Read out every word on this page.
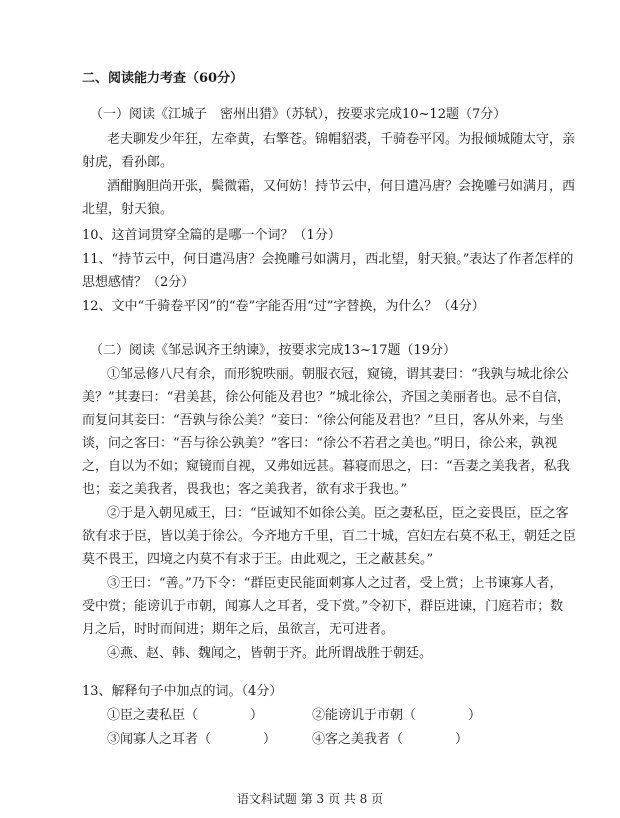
二、阅读能力考查（60分）
（一）阅读《江城子　密州出猎》（苏轼），按要求完成10~12题（7分）
老夫聊发少年狂，左牵黄，右擎苍。锦帽貂裘，千骑卷平冈。为报倾城随太守，亲
射虎，看孙郎。
酒酣胸胆尚开张，鬓微霜，又何妨！持节云中，何日遣冯唐？会挽雕弓如满月，西
北望，射天狼。
10、这首词贯穿全篇的是哪一个词？（1分）
11、“持节云中，何日遣冯唐？会挽雕弓如满月，西北望，射天狼。”表达了作者怎样的
思想感情？（2分）
12、文中“千骑卷平冈”的“卷”字能否用“过”字替换，为什么？（4分）
（二）阅读《邹忌讽齐王纳谏》，按要求完成13~17题（19分）
①邹忌修八尺有余，而形貌昳丽。朝服衣冠，窥镜，谓其妻曰：“我孰与城北徐公
美？”其妻曰：“君美甚，徐公何能及君也？”城北徐公，齐国之美丽者也。忌不自信，
而复问其妾曰：“吾孰与徐公美？”妾曰：“徐公何能及君也？”旦日，客从外来，与坐
谈，问之客曰：“吾与徐公孰美？”客曰：“徐公不若君之美也。”明日，徐公来，孰视
之，自以为不如；窥镜而自视，又弗如远甚。暮寝而思之，曰：“吾妻之美我者，私我
也；妾之美我者，畏我也；客之美我者，欲有求于我也。”
②于是入朝见威王，曰：“臣诚知不如徐公美。臣之妻私臣，臣之妾畏臣，臣之客
欲有求于臣，皆以美于徐公。今齐地方千里，百二十城，宫妇左右莫不私王，朝廷之臣
莫不畏王，四境之内莫不有求于王。由此观之，王之蔽甚矣。”
③王曰：“善。”乃下令：“群臣吏民能面刺寡人之过者，受上赏；上书谏寡人者，
受中赏；能谤讥于市朝，闻寡人之耳者，受下赏。”令初下，群臣进谏，门庭若市；数
月之后，时时而间进；期年之后，虽欲言，无可进者。
④燕、赵、韩、魏闻之，皆朝于齐。此所谓战胜于朝廷。
13、解释句子中加点的词。（4分）
①臣之妻私臣（　　　　）	②能谤讥于市朝（　　　　）
③闻寡人之耳者（　　　　）	④客之美我者（　　　　）
语文科试题 第 3 页 共 8 页
